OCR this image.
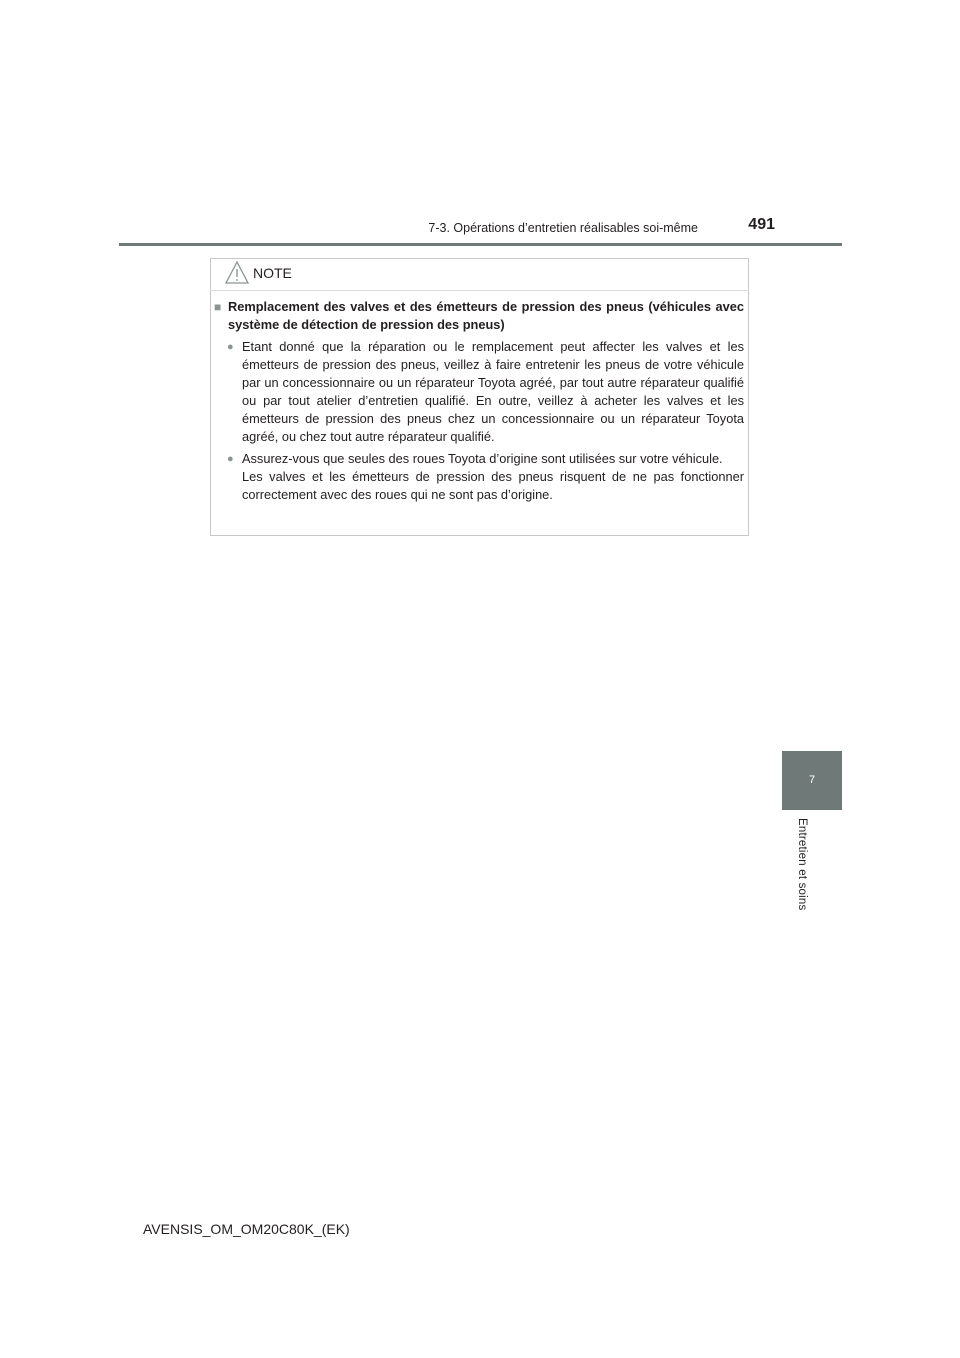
7-3. Opérations d’entretien réalisables soi-même	491
7
Entretien et soins
NOTE
■ Remplacement des valves et des émetteurs de pression des pneus (véhicules avec système de détection de pression des pneus)
● Etant donné que la réparation ou le remplacement peut affecter les valves et les émetteurs de pression des pneus, veillez à faire entretenir les pneus de votre véhicule par un concessionnaire ou un réparateur Toyota agréé, par tout autre réparateur qualifié ou par tout atelier d’entretien qualifié. En outre, veillez à acheter les valves et les émetteurs de pression des pneus chez un concessionnaire ou un réparateur Toyota agréé, ou chez tout autre réparateur qualifié.
● Assurez-vous que seules des roues Toyota d’origine sont utilisées sur votre véhicule.
Les valves et les émetteurs de pression des pneus risquent de ne pas fonctionner correctement avec des roues qui ne sont pas d’origine.
AVENSIS_OM_OM20C80K_(EK)
